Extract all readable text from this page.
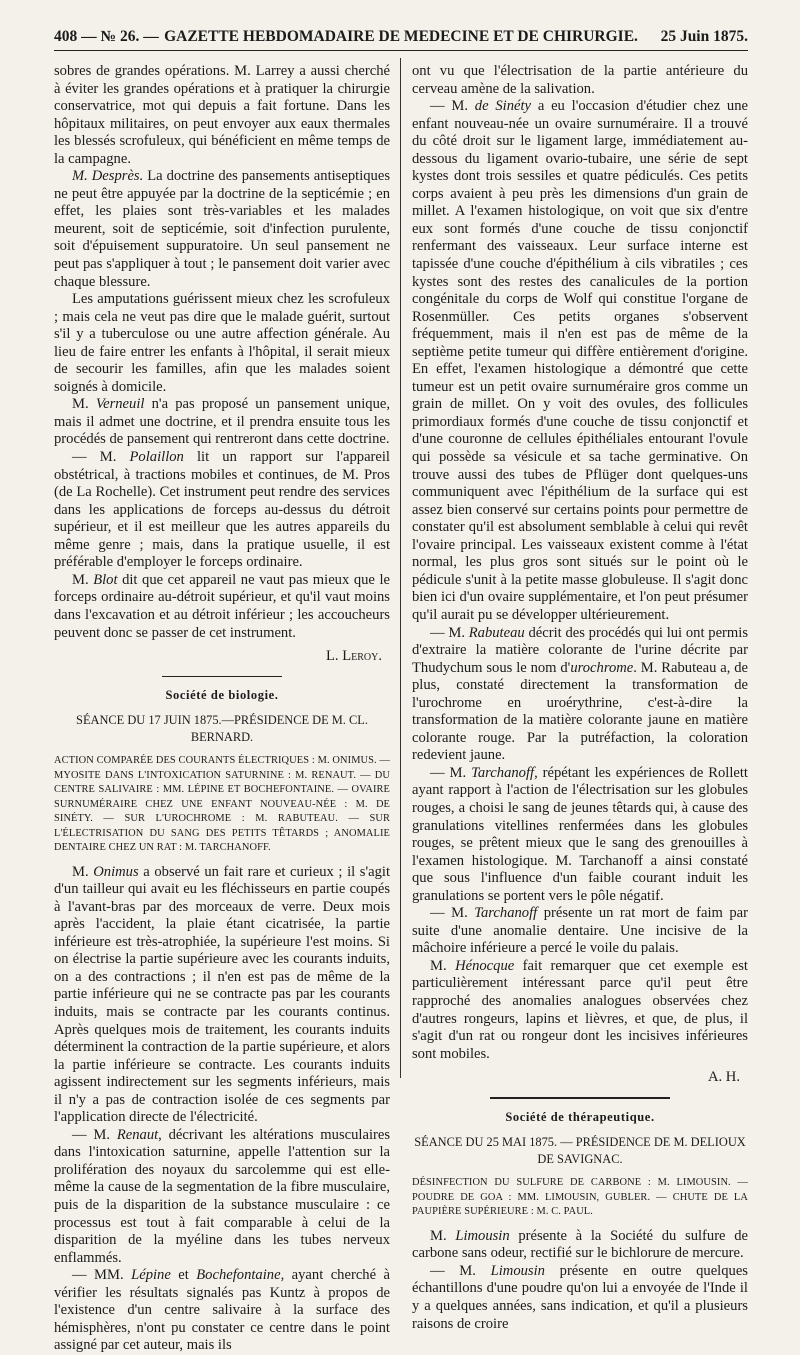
408 — № 26. — GAZETTE HEBDOMADAIRE DE MEDECINE ET DE CHIRURGIE.	25 Juin 1875.

sobres de grandes opérations. M. Larrey a aussi cherché à éviter les grandes opérations et à pratiquer la chirurgie conservatrice, mot qui depuis a fait fortune. Dans les hôpitaux militaires, on peut envoyer aux eaux thermales les blessés scrofuleux, qui bénéficient en même temps de la campagne.

M. Desprès. La doctrine des pansements antiseptiques ne peut être appuyée par la doctrine de la septicémie ; en effet, les plaies sont très-variables et les malades meurent, soit de septicémie, soit d'infection purulente, soit d'épuisement suppuratoire. Un seul pansement ne peut pas s'appliquer à tout ; le pansement doit varier avec chaque blessure.

Les amputations guérissent mieux chez les scrofuleux ; mais cela ne veut pas dire que le malade guérit, surtout s'il y a tuberculose ou une autre affection générale. Au lieu de faire entrer les enfants à l'hôpital, il serait mieux de secourir les familles, afin que les malades soient soignés à domicile.

M. Verneuil n'a pas proposé un pansement unique, mais il admet une doctrine, et il prendra ensuite tous les procédés de pansement qui rentreront dans cette doctrine.

— M. Polaillon lit un rapport sur l'appareil obstétrical, à tractions mobiles et continues, de M. Pros (de La Rochelle). Cet instrument peut rendre des services dans les applications de forceps au-dessus du détroit supérieur, et il est meilleur que les autres appareils du même genre ; mais, dans la pratique usuelle, il est préférable d'employer le forceps ordinaire.

M. Blot dit que cet appareil ne vaut pas mieux que le forceps ordinaire au-détroit supérieur, et qu'il vaut moins dans l'excavation et au détroit inférieur ; les accoucheurs peuvent donc se passer de cet instrument.

L. Leroy.

Société de biologie.

SÉANCE DU 17 JUIN 1875.—PRÉSIDENCE DE M. CL. BERNARD.

ACTION COMPARÉE DES COURANTS ÉLECTRIQUES : M. ONIMUS. — MYOSITE DANS L'INTOXICATION SATURNINE : M. RENAUT. — DU CENTRE SALIVAIRE : MM. LÉPINE ET BOCHEFONTAINE. — OVAIRE SURNUMÉRAIRE CHEZ UNE ENFANT NOUVEAU-NÉE : M. DE SINÉTY. — SUR L'UROCHROME : M. RABUTEAU. — SUR L'ÉLECTRISATION DU SANG DES PETITS TÊTARDS ; ANOMALIE DENTAIRE CHEZ UN RAT : M. TARCHANOFF.

M. Onimus a observé un fait rare et curieux ; il s'agit d'un tailleur qui avait eu les fléchisseurs en partie coupés à l'avant-bras par des morceaux de verre. Deux mois après l'accident, la plaie étant cicatrisée, la partie inférieure est très-atrophiée, la supérieure l'est moins. Si on électrise la partie supérieure avec les courants induits, on a des contractions ; il n'en est pas de même de la partie inférieure qui ne se contracte pas par les courants induits, mais se contracte par les courants continus. Après quelques mois de traitement, les courants induits déterminent la contraction de la partie supérieure, et alors la partie inférieure se contracte. Les courants induits agissent indirectement sur les segments inférieurs, mais il n'y a pas de contraction isolée de ces segments par l'application directe de l'électricité.

— M. Renaut, décrivant les altérations musculaires dans l'intoxication saturnine, appelle l'attention sur la prolifération des noyaux du sarcolemme qui est elle-même la cause de la segmentation de la fibre musculaire, puis de la disparition de la substance musculaire : ce processus est tout à fait comparable à celui de la disparition de la myéline dans les tubes nerveux enflammés.

— MM. Lépine et Bochefontaine, ayant cherché à vérifier les résultats signalés pas Kuntz à propos de l'existence d'un centre salivaire à la surface des hémisphères, n'ont pu constater ce centre dans le point assigné par cet auteur, mais ils

ont vu que l'électrisation de la partie antérieure du cerveau amène de la salivation.

— M. de Sinéty a eu l'occasion d'étudier chez une enfant nouveau-née un ovaire surnuméraire. Il a trouvé du côté droit sur le ligament large, immédiatement au-dessous du ligament ovario-tubaire, une série de sept kystes dont trois sessiles et quatre pédiculés. Ces petits corps avaient à peu près les dimensions d'un grain de millet. A l'examen histologique, on voit que six d'entre eux sont formés d'une couche de tissu conjonctif renfermant des vaisseaux. Leur surface interne est tapissée d'une couche d'épithélium à cils vibratiles ; ces kystes sont des restes des canalicules de la portion congénitale du corps de Wolf qui constitue l'organe de Rosenmüller. Ces petits organes s'observent fréquemment, mais il n'en est pas de même de la septième petite tumeur qui diffère entièrement d'origine. En effet, l'examen histologique a démontré que cette tumeur est un petit ovaire surnuméraire gros comme un grain de millet. On y voit des ovules, des follicules primordiaux formés d'une couche de tissu conjonctif et d'une couronne de cellules épithéliales entourant l'ovule qui possède sa vésicule et sa tache germinative. On trouve aussi des tubes de Pflüger dont quelques-uns communiquent avec l'épithélium de la surface qui est assez bien conservé sur certains points pour permettre de constater qu'il est absolument semblable à celui qui revêt l'ovaire principal. Les vaisseaux existent comme à l'état normal, les plus gros sont situés sur le point où le pédicule s'unit à la petite masse globuleuse. Il s'agit donc bien ici d'un ovaire supplémentaire, et l'on peut présumer qu'il aurait pu se développer ultérieurement.

— M. Rabuteau décrit des procédés qui lui ont permis d'extraire la matière colorante de l'urine décrite par Thudychum sous le nom d'urochrome. M. Rabuteau a, de plus, constaté directement la transformation de l'urochrome en uroérythrine, c'est-à-dire la transformation de la matière colorante jaune en matière colorante rouge. Par la putréfaction, la coloration redevient jaune.

— M. Tarchanoff, répétant les expériences de Rollett ayant rapport à l'action de l'électrisation sur les globules rouges, a choisi le sang de jeunes têtards qui, à cause des granulations vitellines renfermées dans les globules rouges, se prêtent mieux que le sang des grenouilles à l'examen histologique. M. Tarchanoff a ainsi constaté que sous l'influence d'un faible courant induit les granulations se portent vers le pôle négatif.

— M. Tarchanoff présente un rat mort de faim par suite d'une anomalie dentaire. Une incisive de la mâchoire inférieure a percé le voile du palais.

M. Hénocque fait remarquer que cet exemple est particulièrement intéressant parce qu'il peut être rapproché des anomalies analogues observées chez d'autres rongeurs, lapins et lièvres, et que, de plus, il s'agit d'un rat ou rongeur dont les incisives inférieures sont mobiles.

A. H.

Société de thérapeutique.

SÉANCE DU 25 MAI 1875. — PRÉSIDENCE DE M. DELIOUX DE SAVIGNAC.

DÉSINFECTION DU SULFURE DE CARBONE : M. LIMOUSIN. — POUDRE DE GOA : MM. LIMOUSIN, GUBLER. — CHUTE DE LA PAUPIÈRE SUPÉRIEURE : M. C. PAUL.

M. Limousin présente à la Société du sulfure de carbone sans odeur, rectifié sur le bichlorure de mercure.

— M. Limousin présente en outre quelques échantillons d'une poudre qu'on lui a envoyée de l'Inde il y a quelques années, sans indication, et qu'il a plusieurs raisons de croire
